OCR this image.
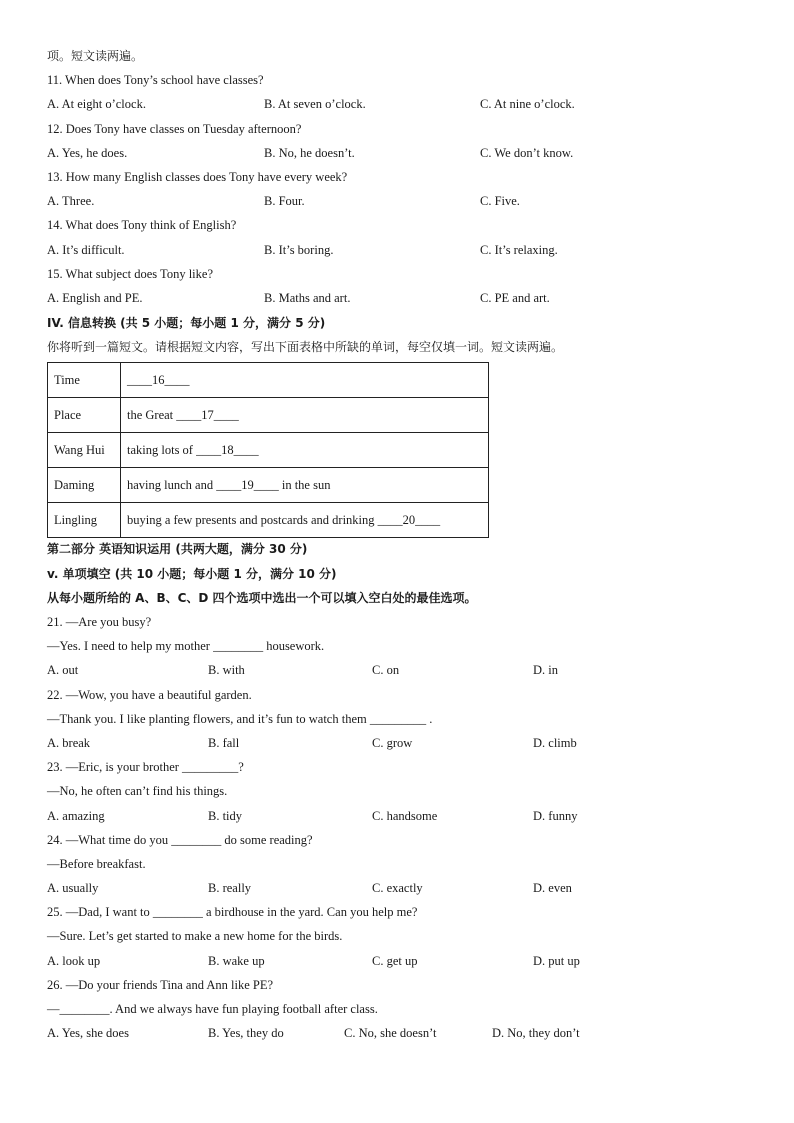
项。短文读两遍。
11. When does Tony’s school have classes?
A. At eight o’clock.	B. At seven o’clock.	C. At nine o’clock.
12. Does Tony have classes on Tuesday afternoon?
A. Yes, he does.	B. No, he doesn’t.	C. We don’t know.
13. How many English classes does Tony have every week?
A. Three.	B. Four.	C. Five.
14. What does Tony think of English?
A. It’s difficult.	B. It’s boring.	C. It’s relaxing.
15. What subject does Tony like?
A. English and PE.	B. Maths and art.	C. PE and art.
IV. 信息转换 (共 5 小题；每小题 1 分，满分 5 分)
你将听到一篇短文。请根据短文内容，写出下面表格中所缺的单词，每空仅填一词。短文读两遍。
Time	____16____
Place	the Great ____17____
Wang Hui	taking lots of ____18____
Daming	having lunch and ____19____ in the sun
Lingling	buying a few presents and postcards and drinking ____20____
第二部分 英语知识运用 (共两大题，满分 30 分)
v. 单项填空 (共 10 小题；每小题 1 分，满分 10 分)
从每小题所给的 A、B、C、D 四个选项中选出一个可以填入空白处的最佳选项。
21. —Are you busy?
—Yes. I need to help my mother ________ housework.
A. out	B. with	C. on	D. in
22. —Wow, you have a beautiful garden.
—Thank you. I like planting flowers, and it’s fun to watch them _________ .
A. break	B. fall	C. grow	D. climb
23. —Eric, is your brother _________?
—No, he often can’t find his things.
A. amazing	B. tidy	C. handsome	D. funny
24. —What time do you ________ do some reading?
—Before breakfast.
A. usually	B. really	C. exactly	D. even
25. —Dad, I want to ________ a birdhouse in the yard. Can you help me?
—Sure. Let’s get started to make a new home for the birds.
A. look up	B. wake up	C. get up	D. put up
26. —Do your friends Tina and Ann like PE?
—________. And we always have fun playing football after class.
A. Yes, she does	B. Yes, they do	C. No, she doesn’t	D. No, they don’t
